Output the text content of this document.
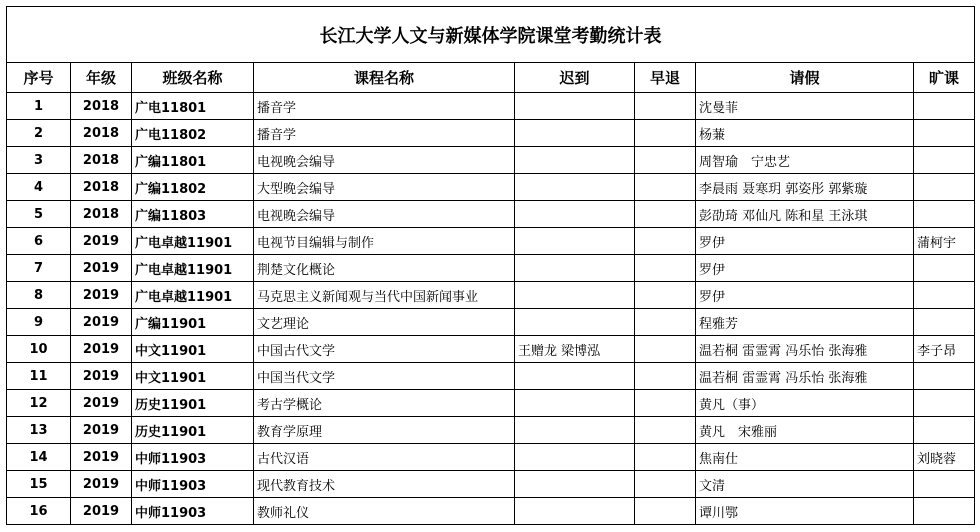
长江大学人文与新媒体学院课堂考勤统计表							
序号	年级	班级名称	课程名称	迟到	早退	请假	旷课
1	2018	广电11801	播音学			沈曼菲	
2	2018	广电11802	播音学			杨蒹	
3	2018	广编11801	电视晚会编导			周智瑜　宁忠艺	
4	2018	广编11802	大型晚会编导			李晨雨 聂寒玥 郭姿彤 郭紫璇	
5	2018	广编11803	电视晚会编导			彭劭琦 邓仙凡 陈和星 王泳琪	
6	2019	广电卓越11901	电视节目编辑与制作			罗伊	蒲柯宇
7	2019	广电卓越11901	荆楚文化概论			罗伊	
8	2019	广电卓越11901	马克思主义新闻观与当代中国新闻事业			罗伊	
9	2019	广编11901	文艺理论			程雅芳	
10	2019	中文11901	中国古代文学	王赠龙 梁博泓		温若桐 雷霊霄 冯乐怡 张海雅	李子昂
11	2019	中文11901	中国当代文学			温若桐 雷霊霄 冯乐怡 张海雅	
12	2019	历史11901	考古学概论			黄凡（事）	
13	2019	历史11901	教育学原理			黄凡　宋雅丽	
14	2019	中师11903	古代汉语			焦南仕	刘晓蓉
15	2019	中师11903	现代教育技术			文清	
16	2019	中师11903	教师礼仪			谭川鄂	
